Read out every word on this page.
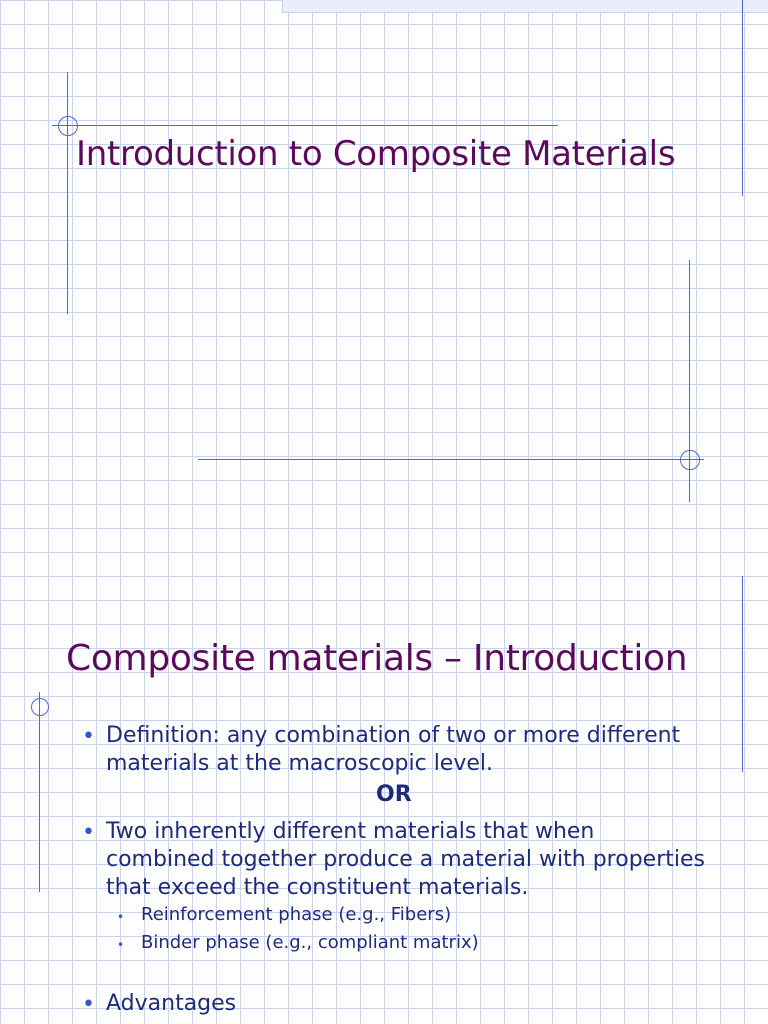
Introduction to Composite Materials
Composite materials – Introduction
• Definition: any combination of two or more different
materials at the macroscopic level.
OR
• Two inherently different materials that when
combined together produce a material with properties
that exceed the constituent materials.
• Reinforcement phase (e.g., Fibers)
• Binder phase (e.g., compliant matrix)
• Advantages
